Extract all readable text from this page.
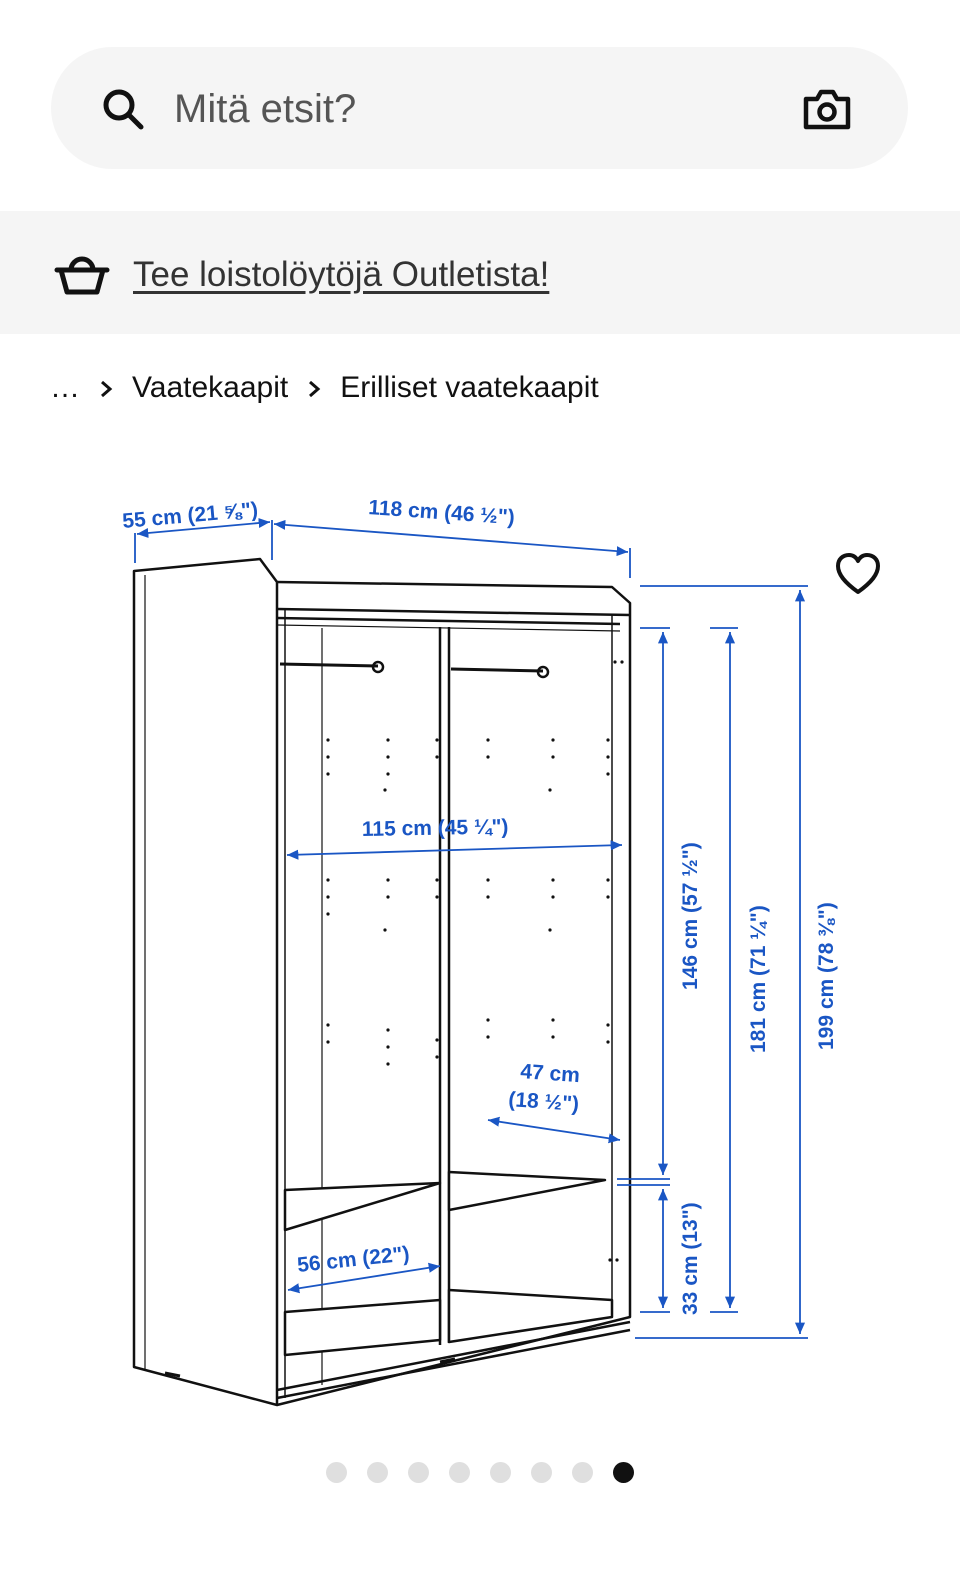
Mitä etsit?
Tee loistolöytöjä Outletista!
… Vaatekaapit Erilliset vaatekaapit
55 cm (21 ⅝")	118 cm (46 ½")
115 cm (45 ¼")
47 cm
(18 ½")
56 cm (22")
146 cm (57 ½") 181 cm (71 ¼") 199 cm (78 ⅜")
33 cm (13")
